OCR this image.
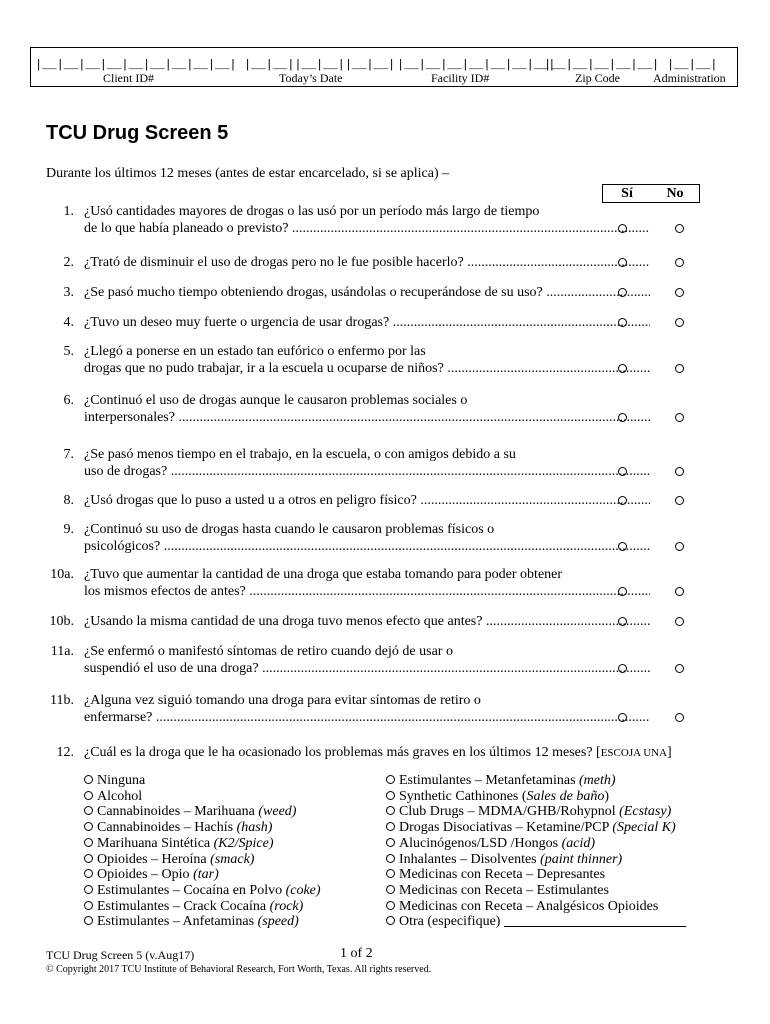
|__|__|__|__|__|__|__|__|__|
Client ID#
|__|__||__|__||__|__|
Today’s Date
|__|__|__|__|__|__|__|
Facility ID#
|__|__|__|__|__|
Zip Code
|__|__|
Administration
TCU Drug Screen 5
Durante los últimos 12 meses (antes de estar encarcelado, si se aplica) –
Sí	No
1. ¿Usó cantidades mayores de drogas o las usó por un período más largo de tiempo
de lo que había planeado o previsto? .....
2. ¿Trató de disminuir el uso de drogas pero no le fue posible hacerlo? .....
3. ¿Se pasó mucho tiempo obteniendo drogas, usándolas o recuperándose de su uso? .....
4. ¿Tuvo un deseo muy fuerte o urgencia de usar drogas? .....
5. ¿Llegó a ponerse en un estado tan eufórico o enfermo por las
drogas que no pudo trabajar, ir a la escuela u ocuparse de niños? .....
6. ¿Continuó el uso de drogas aunque le causaron problemas sociales o
interpersonales? .....
7. ¿Se pasó menos tiempo en el trabajo, en la escuela, o con amigos debido a su
uso de drogas? .....
8. ¿Usó drogas que lo puso a usted u a otros en peligro físico? .....
9. ¿Continuó su uso de drogas hasta cuando le causaron problemas físicos o
psicológicos? .....
10a. ¿Tuvo que aumentar la cantidad de una droga que estaba tomando para poder obtener
los mismos efectos de antes? .....
10b. ¿Usando la misma cantidad de una droga tuvo menos efecto que antes? .....
11a. ¿Se enfermó o manifestó síntomas de retiro cuando dejó de usar o
suspendió el uso de una droga? .....
11b. ¿Alguna vez siguió tomando una droga para evitar síntomas de retiro o
enfermarse? .....
12. ¿Cuál es la droga que le ha ocasionado los problemas más graves en los últimos 12 meses? [ESCOJA UNA]
Ninguna
Alcohol
Cannabinoides – Marihuana (weed)
Cannabinoides – Hachís (hash)
Marihuana Sintética (K2/Spice)
Opioides – Heroína (smack)
Opioides – Opio (tar)
Estimulantes – Cocaína en Polvo (coke)
Estimulantes – Crack Cocaína (rock)
Estimulantes – Anfetaminas (speed)
Estimulantes – Metanfetaminas (meth)
Synthetic Cathinones (Sales de baño)
Club Drugs – MDMA/GHB/Rohypnol (Ecstasy)
Drogas Disociativas – Ketamine/PCP (Special K)
Alucinógenos/LSD /Hongos (acid)
Inhalantes – Disolventes (paint thinner)
Medicinas con Receta – Depresantes
Medicinas con Receta – Estimulantes
Medicinas con Receta – Analgésicos Opioides
Otra (especifique)
TCU Drug Screen 5 (v.Aug17)	1 of 2
© Copyright 2017 TCU Institute of Behavioral Research, Fort Worth, Texas. All rights reserved.
